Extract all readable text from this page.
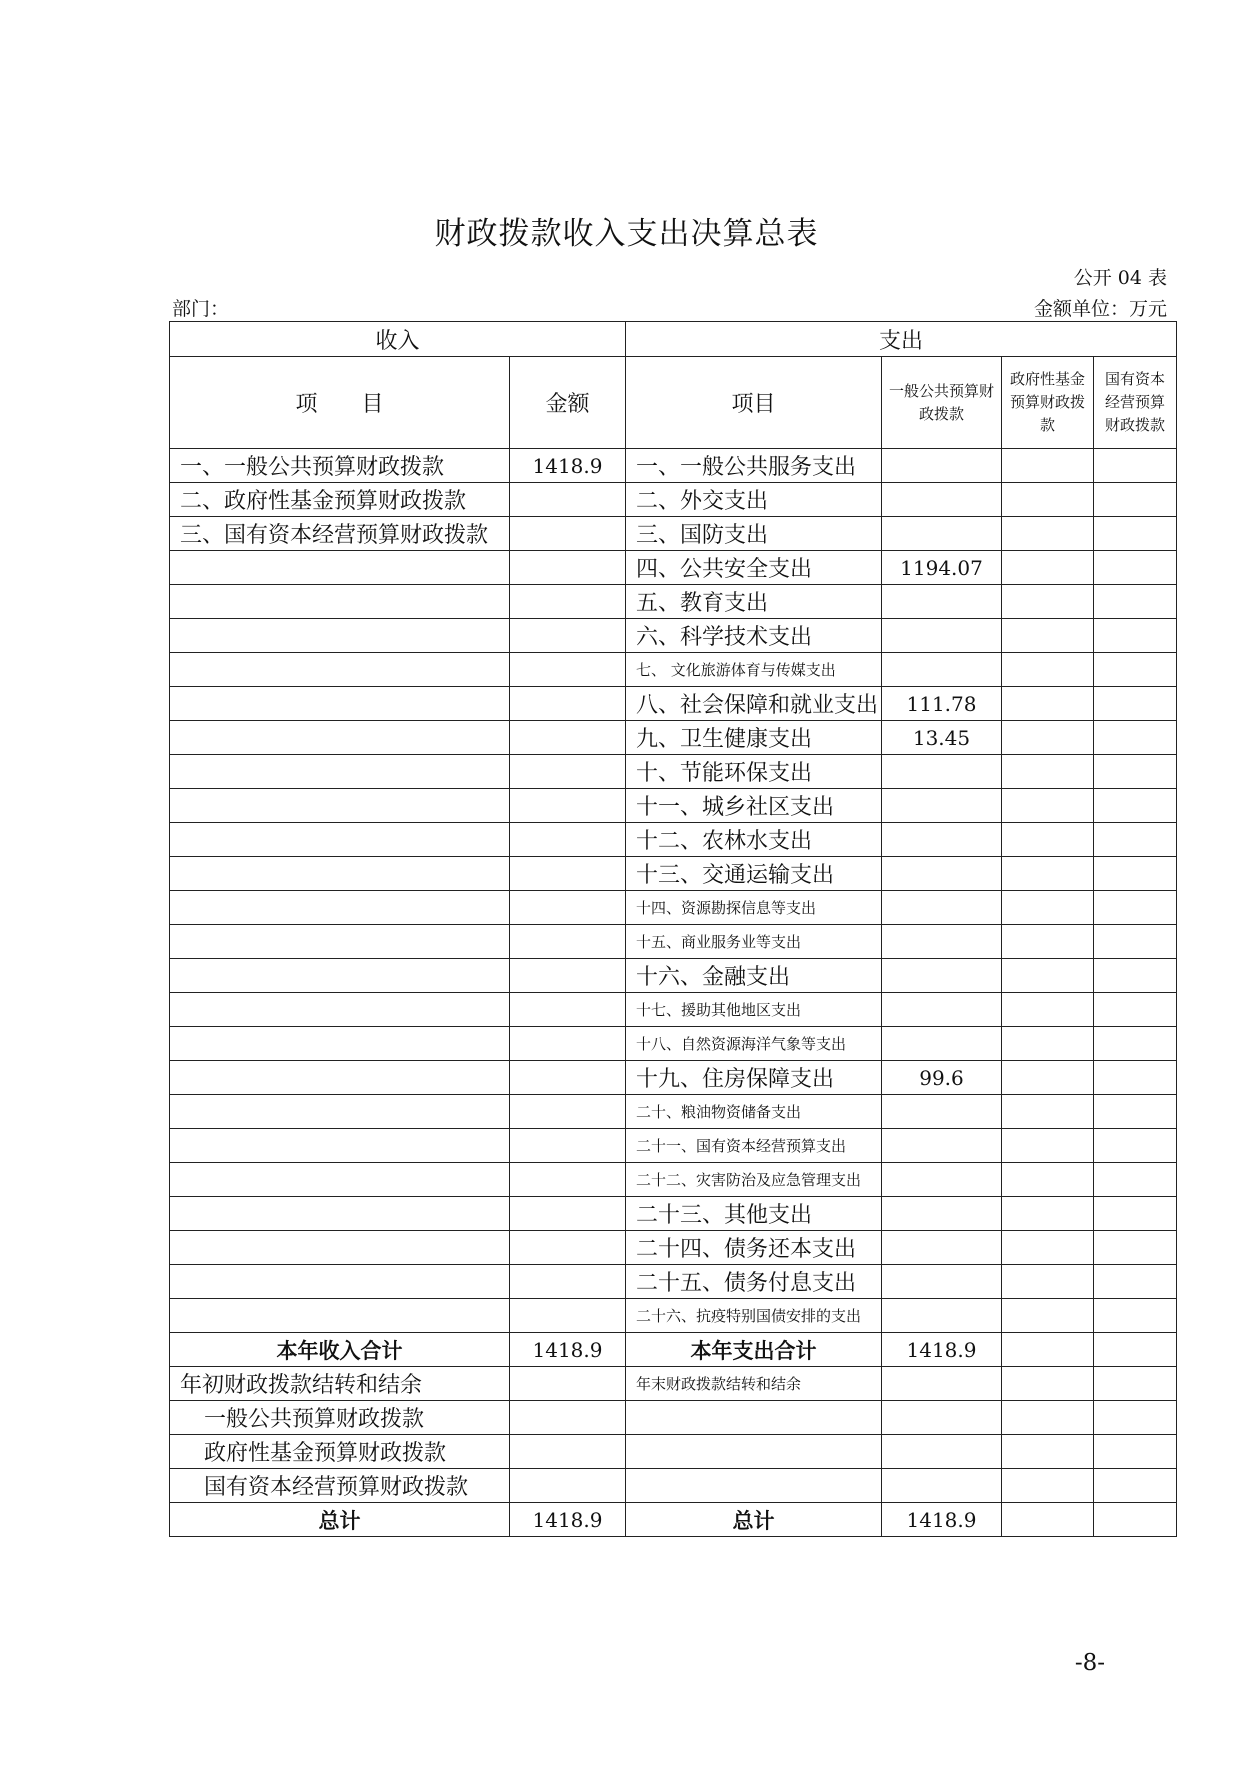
财政拨款收入支出决算总表
公开 04 表
部门：	金额单位：万元
收入		支出			
项　　目	金额	项目	一般公共预算财政拨款	政府性基金预算财政拨款	国有资本经营预算财政拨款
一、一般公共预算财政拨款	1418.9	一、一般公共服务支出			
二、政府性基金预算财政拨款		二、外交支出			
三、国有资本经营预算财政拨款		三、国防支出			
		四、公共安全支出	1194.07		
		五、教育支出			
		六、科学技术支出			
		七、 文化旅游体育与传媒支出			
		八、社会保障和就业支出	111.78		
		九、卫生健康支出	13.45		
		十、节能环保支出			
		十一、城乡社区支出			
		十二、农林水支出			
		十三、交通运输支出			
		十四、资源勘探信息等支出			
		十五、商业服务业等支出			
		十六、金融支出			
		十七、援助其他地区支出			
		十八、自然资源海洋气象等支出			
		十九、住房保障支出	99.6		
		二十、粮油物资储备支出			
		二十一、国有资本经营预算支出			
		二十二、灾害防治及应急管理支出			
		二十三、其他支出			
		二十四、债务还本支出			
		二十五、债务付息支出			
		二十六、抗疫特别国债安排的支出			
本年收入合计	1418.9	本年支出合计	1418.9		
年初财政拨款结转和结余		年末财政拨款结转和结余			
一般公共预算财政拨款					
政府性基金预算财政拨款					
国有资本经营预算财政拨款					
总计	1418.9	总计	1418.9		
-8-
